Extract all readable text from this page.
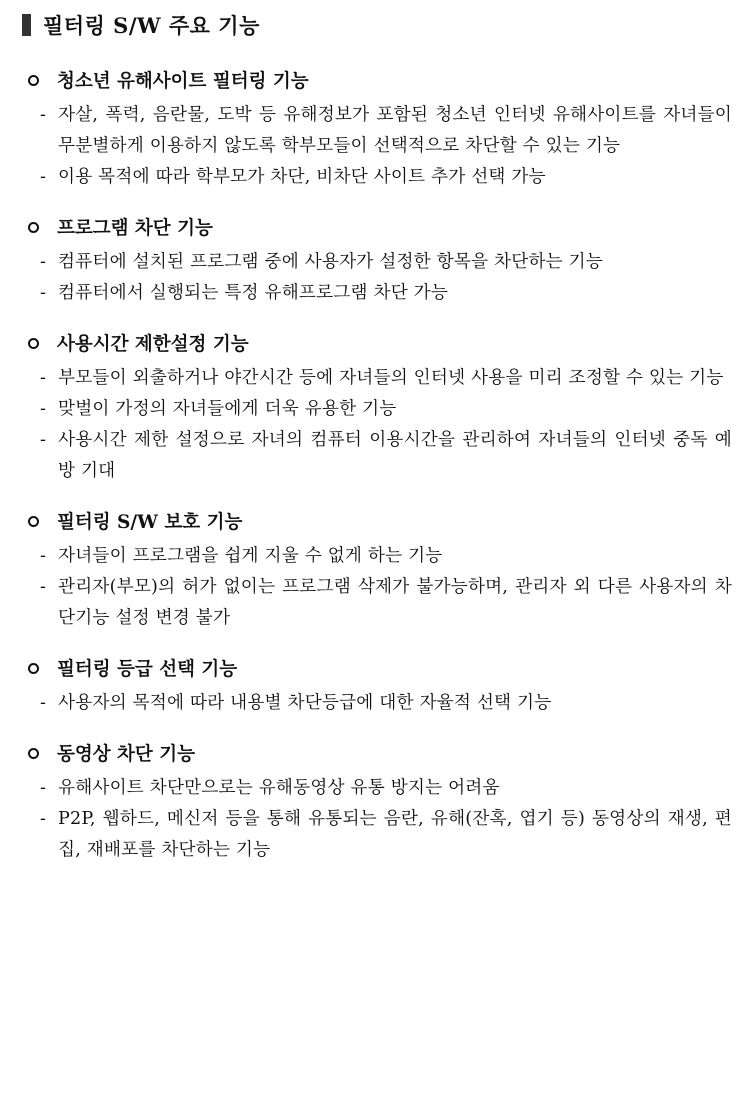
필터링 S/W 주요 기능
청소년 유해사이트 필터링 기능
- 자살, 폭력, 음란물, 도박 등 유해정보가 포함된 청소년 인터넷 유해사이트를 자녀들이 무분별하게 이용하지 않도록 학부모들이 선택적으로 차단할 수 있는 기능
- 이용 목적에 따라 학부모가 차단, 비차단 사이트 추가 선택 가능
프로그램 차단 기능
- 컴퓨터에 설치된 프로그램 중에 사용자가 설정한 항목을 차단하는 기능
- 컴퓨터에서 실행되는 특정 유해프로그램 차단 가능
사용시간 제한설정 기능
- 부모들이 외출하거나 야간시간 등에 자녀들의 인터넷 사용을 미리 조정할 수 있는 기능
- 맞벌이 가정의 자녀들에게 더욱 유용한 기능
- 사용시간 제한 설정으로 자녀의 컴퓨터 이용시간을 관리하여 자녀들의 인터넷 중독 예방 기대
필터링 S/W 보호 기능
- 자녀들이 프로그램을 쉽게 지울 수 없게 하는 기능
- 관리자(부모)의 허가 없이는 프로그램 삭제가 불가능하며, 관리자 외 다른 사용자의 차단기능 설정 변경 불가
필터링 등급 선택 기능
- 사용자의 목적에 따라 내용별 차단등급에 대한 자율적 선택 기능
동영상 차단 기능
- 유해사이트 차단만으로는 유해동영상 유통 방지는 어려움
- P2P, 웹하드, 메신저 등을 통해 유통되는 음란, 유해(잔혹, 엽기 등) 동영상의 재생, 편집, 재배포를 차단하는 기능
